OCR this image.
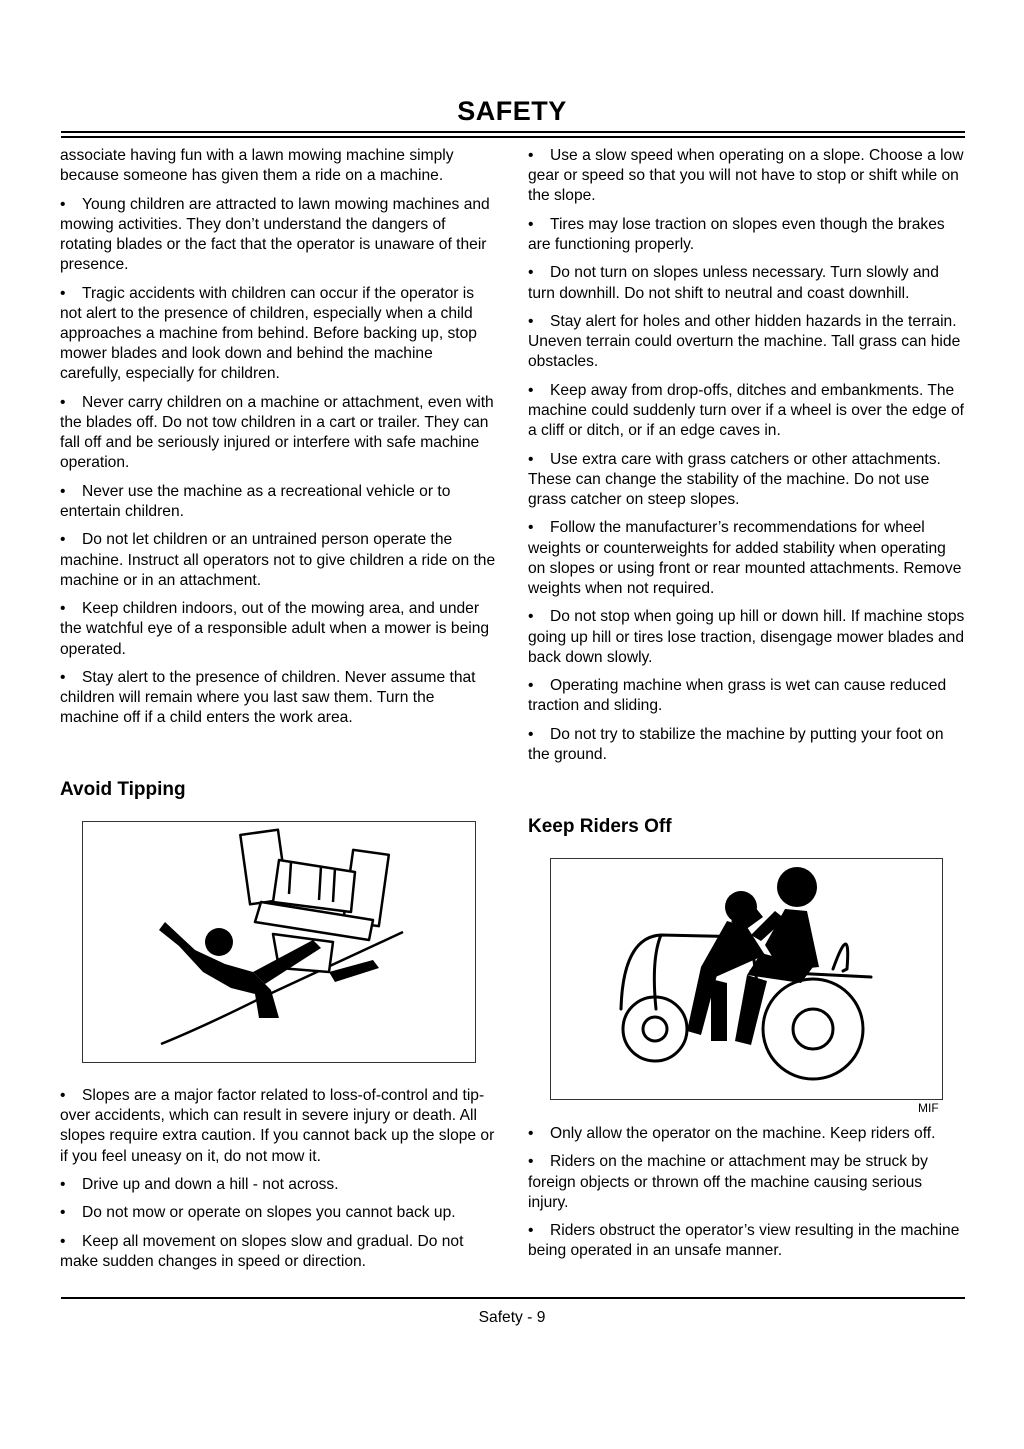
SAFETY

associate having fun with a lawn mowing machine simply because someone has given them a ride on a machine.

• Young children are attracted to lawn mowing machines and mowing activities. They don’t understand the dangers of rotating blades or the fact that the operator is unaware of their presence.

• Tragic accidents with children can occur if the operator is not alert to the presence of children, especially when a child approaches a machine from behind. Before backing up, stop mower blades and look down and behind the machine carefully, especially for children.

• Never carry children on a machine or attachment, even with the blades off. Do not tow children in a cart or trailer. They can fall off and be seriously injured or interfere with safe machine operation.

• Never use the machine as a recreational vehicle or to entertain children.

• Do not let children or an untrained person operate the machine. Instruct all operators not to give children a ride on the machine or in an attachment.

• Keep children indoors, out of the mowing area, and under the watchful eye of a responsible adult when a mower is being operated.

• Stay alert to the presence of children. Never assume that children will remain where you last saw them. Turn the machine off if a child enters the work area.

• Use a slow speed when operating on a slope. Choose a low gear or speed so that you will not have to stop or shift while on the slope.

• Tires may lose traction on slopes even though the brakes are functioning properly.

• Do not turn on slopes unless necessary. Turn slowly and turn downhill. Do not shift to neutral and coast downhill.

• Stay alert for holes and other hidden hazards in the terrain. Uneven terrain could overturn the machine. Tall grass can hide obstacles.

• Keep away from drop-offs, ditches and embankments. The machine could suddenly turn over if a wheel is over the edge of a cliff or ditch, or if an edge caves in.

• Use extra care with grass catchers or other attachments. These can change the stability of the machine. Do not use grass catcher on steep slopes.

• Follow the manufacturer’s recommendations for wheel weights or counterweights for added stability when operating on slopes or using front or rear mounted attachments. Remove weights when not required.

• Do not stop when going up hill or down hill. If machine stops going up hill or tires lose traction, disengage mower blades and back down slowly.

• Operating machine when grass is wet can cause reduced traction and sliding.

• Do not try to stabilize the machine by putting your foot on the ground.

Avoid Tipping

• Slopes are a major factor related to loss-of-control and tip-over accidents, which can result in severe injury or death. All slopes require extra caution. If you cannot back up the slope or if you feel uneasy on it, do not mow it.

• Drive up and down a hill - not across.

• Do not mow or operate on slopes you cannot back up.

• Keep all movement on slopes slow and gradual. Do not make sudden changes in speed or direction.

Keep Riders Off
MIF

• Only allow the operator on the machine. Keep riders off.

• Riders on the machine or attachment may be struck by foreign objects or thrown off the machine causing serious injury.

• Riders obstruct the operator’s view resulting in the machine being operated in an unsafe manner.

Safety - 9
